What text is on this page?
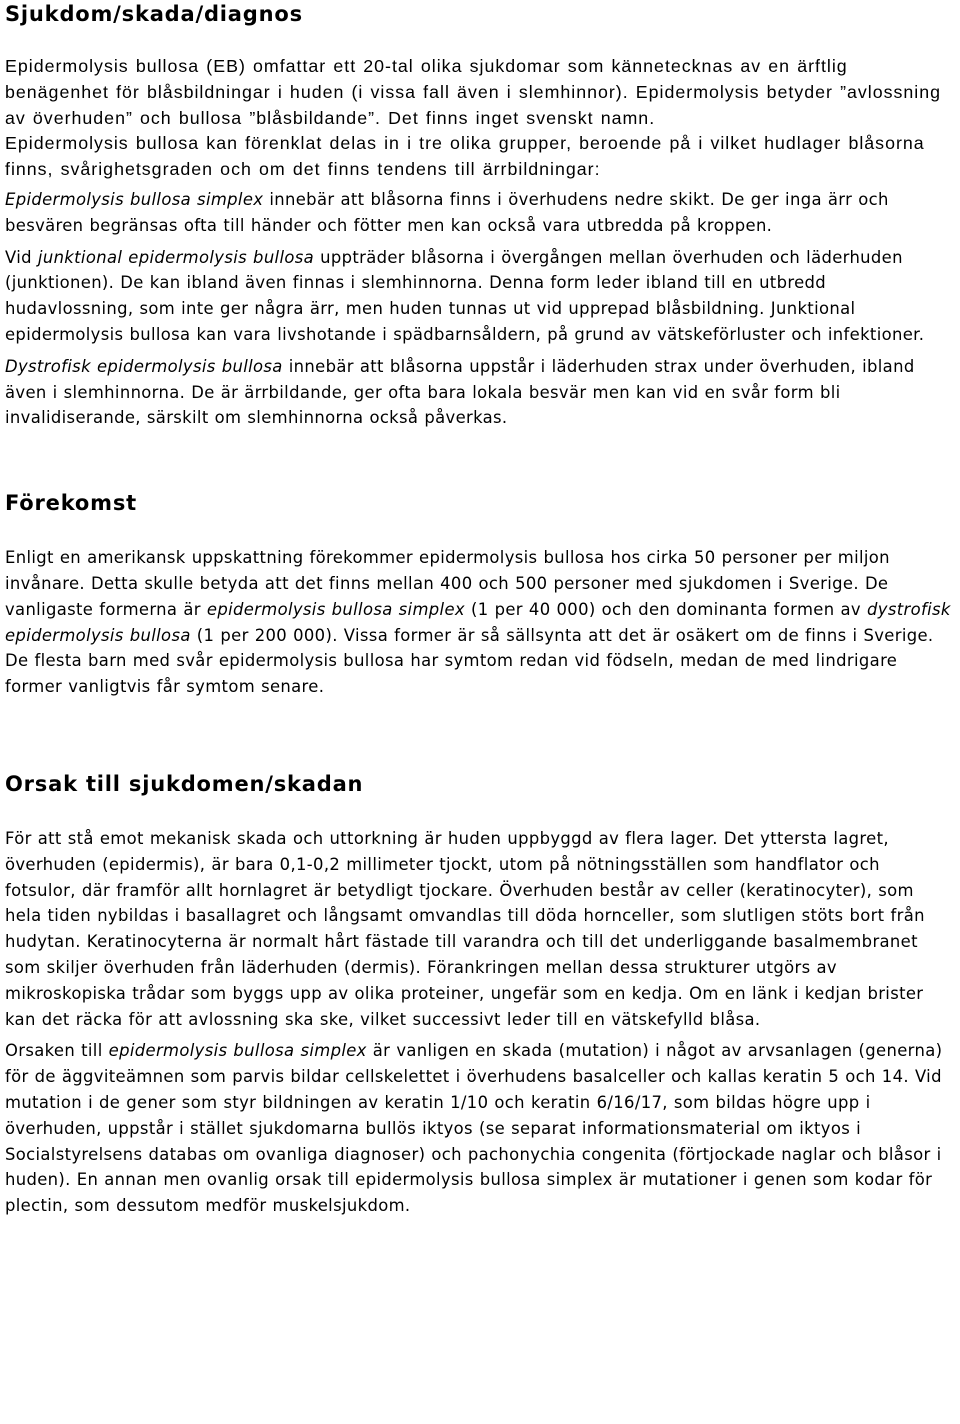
Sjukdom/skada/diagnos

Epidermolysis bullosa (EB) omfattar ett 20-tal olika sjukdomar som kännetecknas av en ärftlig benägenhet för blåsbildningar i huden (i vissa fall även i slemhinnor). Epidermolysis betyder ”avlossning av överhuden” och bullosa ”blåsbildande”. Det finns inget svenskt namn.

Epidermolysis bullosa kan förenklat delas in i tre olika grupper, beroende på i vilket hudlager blåsorna finns, svårighetsgraden och om det finns tendens till ärrbildningar:

Epidermolysis bullosa simplex innebär att blåsorna finns i överhudens nedre skikt. De ger inga ärr och besvären begränsas ofta till händer och fötter men kan också vara utbredda på kroppen.

Vid junktional epidermolysis bullosa uppträder blåsorna i övergången mellan överhuden och läderhuden (junktionen). De kan ibland även finnas i slemhinnorna. Denna form leder ibland till en utbredd hudavlossning, som inte ger några ärr, men huden tunnas ut vid upprepad blåsbildning. Junktional epidermolysis bullosa kan vara livshotande i spädbarnsåldern, på grund av vätskeförluster och infektioner.

Dystrofisk epidermolysis bullosa innebär att blåsorna uppstår i läderhuden strax under överhuden, ibland även i slemhinnorna. De är ärrbildande, ger ofta bara lokala besvär men kan vid en svår form bli invalidiserande, särskilt om slemhinnorna också påverkas.

Förekomst

Enligt en amerikansk uppskattning förekommer epidermolysis bullosa hos cirka 50 personer per miljon invånare. Detta skulle betyda att det finns mellan 400 och 500 personer med sjukdomen i Sverige. De vanligaste formerna är epidermolysis bullosa simplex (1 per 40 000) och den dominanta formen av dystrofisk epidermolysis bullosa (1 per 200 000). Vissa former är så sällsynta att det är osäkert om de finns i Sverige. De flesta barn med svår epidermolysis bullosa har symtom redan vid födseln, medan de med lindrigare former vanligtvis får symtom senare.

Orsak till sjukdomen/skadan

För att stå emot mekanisk skada och uttorkning är huden uppbyggd av flera lager. Det yttersta lagret, överhuden (epidermis), är bara 0,1-0,2 millimeter tjockt, utom på nötningsställen som handflator och fotsulor, där framför allt hornlagret är betydligt tjockare. Överhuden består av celler (keratinocyter), som hela tiden nybildas i basallagret och långsamt omvandlas till döda hornceller, som slutligen stöts bort från hudytan. Keratinocyterna är normalt hårt fästade till varandra och till det underliggande basalmembranet som skiljer överhuden från läderhuden (dermis). Förankringen mellan dessa strukturer utgörs av mikroskopiska trådar som byggs upp av olika proteiner, ungefär som en kedja. Om en länk i kedjan brister kan det räcka för att avlossning ska ske, vilket successivt leder till en vätskefylld blåsa.

Orsaken till epidermolysis bullosa simplex är vanligen en skada (mutation) i något av arvsanlagen (generna) för de äggviteämnen som parvis bildar cellskelettet i överhudens basalceller och kallas keratin 5 och 14. Vid mutation i de gener som styr bildningen av keratin 1/10 och keratin 6/16/17, som bildas högre upp i överhuden, uppstår i stället sjukdomarna bullös iktyos (se separat informationsmaterial om iktyos i Socialstyrelsens databas om ovanliga diagnoser) och pachonychia congenita (förtjockade naglar och blåsor i huden). En annan men ovanlig orsak till epidermolysis bullosa simplex är mutationer i genen som kodar för plectin, som dessutom medför muskelsjukdom.
